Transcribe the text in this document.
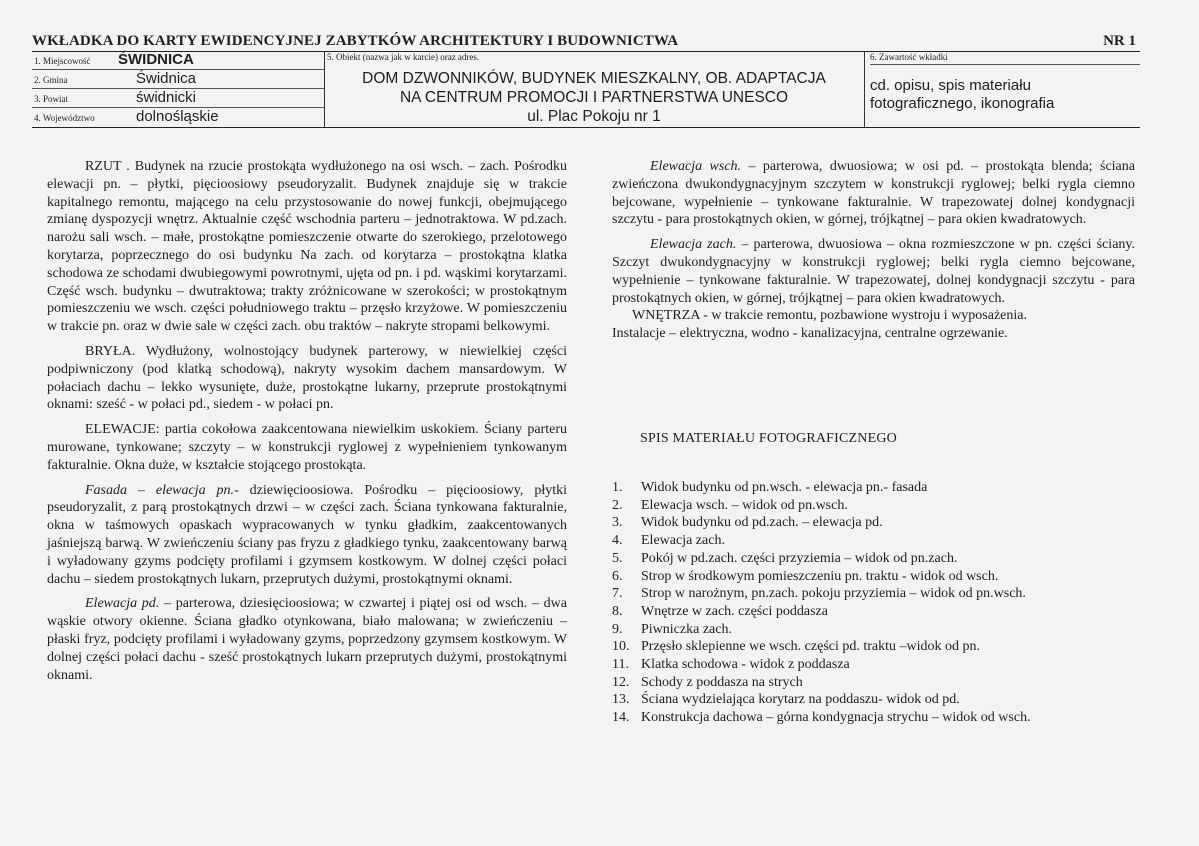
WKŁADKA DO KARTY EWIDENCYJNEJ ZABYTKÓW ARCHITEKTURY I BUDOWNICTWA	NR 1
1. Miejscowość ŚWIDNICA
2. Gmina	Świdnica
3. Powiat	świdnicki
4. Województwo	dolnośląskie
5. Obiekt (nazwa jak w karcie) oraz adres.
DOM DZWONNIKÓW, BUDYNEK MIESZKALNY, OB. ADAPTACJA
NA CENTRUM PROMOCJI I PARTNERSTWA UNESCO
ul. Plac Pokoju nr 1
6. Zawartość wkładki
cd. opisu, spis materiału fotograficznego, ikonografia

RZUT . Budynek na rzucie prostokąta wydłużonego na osi wsch. – zach. Pośrodku elewacji pn. – płytki, pięcioosiowy pseudoryzalit. Budynek znajduje się w trakcie kapitalnego remontu, mającego na celu przystosowanie do nowej funkcji, obejmującego zmianę dyspozycji wnętrz. Aktualnie część wschodnia parteru – jednotraktowa. W pd.zach. narożu sali wsch. – małe, prostokątne pomieszczenie otwarte do szerokiego, przelotowego korytarza, poprzecznego do osi budynku Na zach. od korytarza – prostokątna klatka schodowa ze schodami dwubiegowymi powrotnymi, ujęta od pn. i pd. wąskimi korytarzami. Część wsch. budynku – dwutraktowa; trakty zróżnicowane w szerokości; w prostokątnym pomieszczeniu we wsch. części południowego traktu – przęsło krzyżowe. W pomieszczeniu w trakcie pn. oraz w dwie sale w części zach. obu traktów – nakryte stropami belkowymi.

BRYŁA. Wydłużony, wolnostojący budynek parterowy, w niewielkiej części podpiwniczony (pod klatką schodową), nakryty wysokim dachem mansardowym. W połaciach dachu – lekko wysunięte, duże, prostokątne lukarny, przeprute prostokątnymi oknami: sześć - w połaci pd., siedem - w połaci pn.

ELEWACJE: partia cokołowa zaakcentowana niewielkim uskokiem. Ściany parteru murowane, tynkowane; szczyty – w konstrukcji ryglowej z wypełnieniem tynkowanym fakturalnie. Okna duże, w kształcie stojącego prostokąta.

Fasada – elewacja pn.- dziewięcioosiowa. Pośrodku – pięcioosiowy, płytki pseudoryzalit, z parą prostokątnych drzwi – w części zach. Ściana tynkowana fakturalnie, okna w taśmowych opaskach wypracowanych w tynku gładkim, zaakcentowanych jaśniejszą barwą. W zwieńczeniu ściany pas fryzu z gładkiego tynku, zaakcentowany barwą i wyładowany gzyms podcięty profilami i gzymsem kostkowym. W dolnej części połaci dachu – siedem prostokątnych lukarn, przeprutych dużymi, prostokątnymi oknami.

Elewacja pd. – parterowa, dziesięcioosiowa; w czwartej i piątej osi od wsch. – dwa wąskie otwory okienne. Ściana gładko otynkowana, biało malowana; w zwieńczeniu – płaski fryz, podcięty profilami i wyładowany gzyms, poprzedzony gzymsem kostkowym. W dolnej części połaci dachu - sześć prostokątnych lukarn przeprutych dużymi, prostokątnymi oknami.

Elewacja wsch. – parterowa, dwuosiowa; w osi pd. – prostokąta blenda; ściana zwieńczona dwukondygnacyjnym szczytem w konstrukcji ryglowej; belki rygla ciemno bejcowane, wypełnienie – tynkowane fakturalnie. W trapezowatej dolnej kondygnacji szczytu - para prostokątnych okien, w górnej, trójkątnej – para okien kwadratowych.

Elewacja zach. – parterowa, dwuosiowa – okna rozmieszczone w pn. części ściany. Szczyt dwukondygnacyjny w konstrukcji ryglowej; belki rygla ciemno bejcowane, wypełnienie – tynkowane fakturalnie. W trapezowatej, dolnej kondygnacji szczytu - para prostokątnych okien, w górnej, trójkątnej – para okien kwadratowych.

WNĘTRZA - w trakcie remontu, pozbawione wystroju i wyposażenia.

Instalacje – elektryczna, wodno - kanalizacyjna, centralne ogrzewanie.

SPIS MATERIAŁU FOTOGRAFICZNEGO
1. Widok budynku od pn.wsch. - elewacja pn.- fasada
2. Elewacja wsch. – widok od pn.wsch.
3. Widok budynku od pd.zach. – elewacja pd.
4. Elewacja zach.
5. Pokój w pd.zach. części przyziemia – widok od pn.zach.
6. Strop w środkowym pomieszczeniu pn. traktu - widok od wsch.
7. Strop w narożnym, pn.zach. pokoju przyziemia – widok od pn.wsch.
8. Wnętrze w zach. części poddasza
9. Piwniczka zach.
10. Przęsło sklepienne we wsch. części pd. traktu –widok od pn.
11. Klatka schodowa - widok z poddasza
12. Schody z poddasza na strych
13. Ściana wydzielająca korytarz na poddaszu- widok od pd.
14. Konstrukcja dachowa – górna kondygnacja strychu – widok od wsch.
